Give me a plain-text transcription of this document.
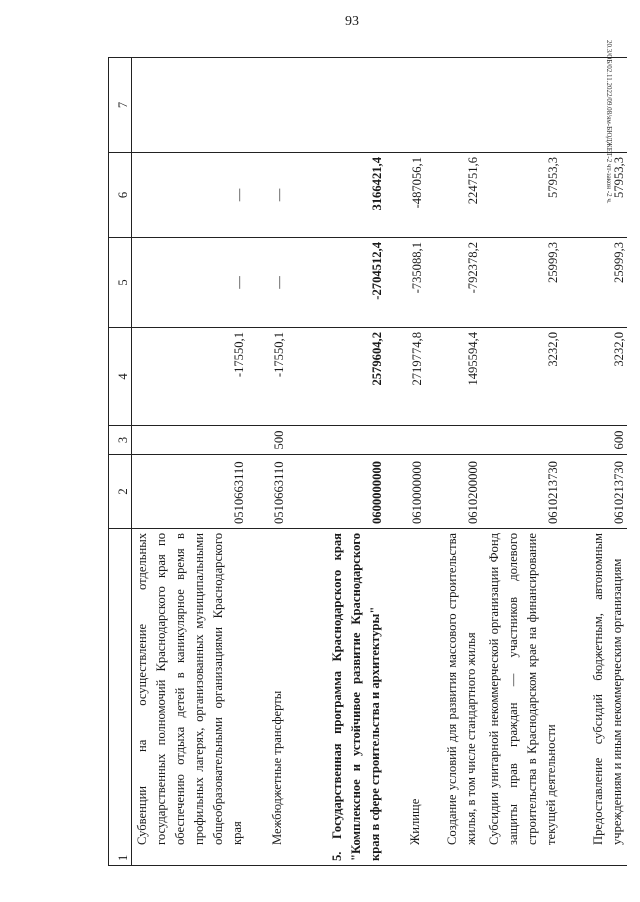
93
20.3/OБ/02.11.2022/09.08/ям-БЮДЖЕТ-2 чт-закон -2 ч.
1	2	3	4	5	6	7
Субвенции на осуществление отдельных государственных полномочий Краснодарского края по обеспечению отдыха детей в каникулярное время в профильных лагерях, организованных муниципальными общеобразовательными организациями Краснодарского края	0510663110		-17550,1	—	—	
Межбюджетные трансферты	0510663110	500	-17550,1	—	—	
5.Государственная программа Краснодарского края "Комплексное и устойчивое развитие Краснодарского края в сфере строительства и архитектуры"	0600000000		2579604,2	-2704512,4	3166421,4	
Жилище	0610000000		2719774,8	-735088,1	-487056,1	
Создание условий для развития массового строительства жилья, в том числе стандартного жилья	0610200000		1495594,4	-792378,2	224751,6	
Субсидии унитарной некоммерческой организации Фонд защиты прав граждан — участников долевого строительства в Краснодарском крае на финансирование текущей деятельности	0610213730		3232,0	25999,3	57953,3	
Предоставление субсидий бюджетным, автономным учреждениям и иным некоммерческим организациям	0610213730	600	3232,0	25999,3	57953,3	
